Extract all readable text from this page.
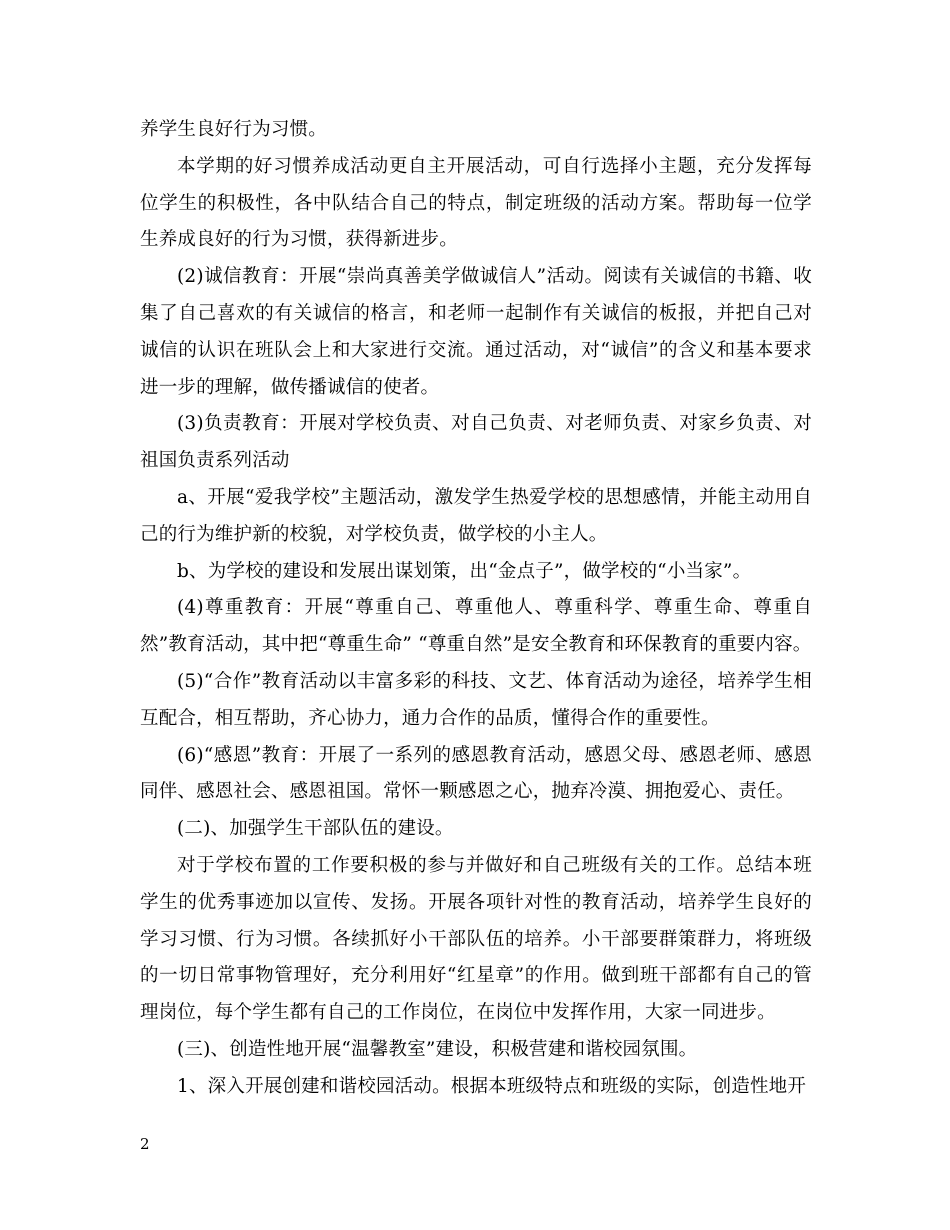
养学生良好行为习惯。

本学期的好习惯养成活动更自主开展活动，可自行选择小主题，充分发挥每位学生的积极性，各中队结合自己的特点，制定班级的活动方案。帮助每一位学生养成良好的行为习惯，获得新进步。

(2)诚信教育：开展“崇尚真善美学做诚信人”活动。阅读有关诚信的书籍、收集了自己喜欢的有关诚信的格言，和老师一起制作有关诚信的板报，并把自己对诚信的认识在班队会上和大家进行交流。通过活动，对“诚信”的含义和基本要求进一步的理解，做传播诚信的使者。

(3)负责教育：开展对学校负责、对自己负责、对老师负责、对家乡负责、对祖国负责系列活动

a、开展“爱我学校”主题活动，激发学生热爱学校的思想感情，并能主动用自己的行为维护新的校貌，对学校负责，做学校的小主人。

b、为学校的建设和发展出谋划策，出“金点子”，做学校的“小当家”。

(4)尊重教育：开展“尊重自己、尊重他人、尊重科学、尊重生命、尊重自然”教育活动，其中把“尊重生命” “尊重自然”是安全教育和环保教育的重要内容。

(5)“合作”教育活动以丰富多彩的科技、文艺、体育活动为途径，培养学生相互配合，相互帮助，齐心协力，通力合作的品质，懂得合作的重要性。

(6)“感恩”教育：开展了一系列的感恩教育活动，感恩父母、感恩老师、感恩同伴、感恩社会、感恩祖国。常怀一颗感恩之心，抛弃冷漠、拥抱爱心、责任。

(二)、加强学生干部队伍的建设。

对于学校布置的工作要积极的参与并做好和自己班级有关的工作。总结本班学生的优秀事迹加以宣传、发扬。开展各项针对性的教育活动，培养学生良好的学习习惯、行为习惯。各续抓好小干部队伍的培养。小干部要群策群力，将班级的一切日常事物管理好，充分利用好“红星章”的作用。做到班干部都有自己的管理岗位，每个学生都有自己的工作岗位，在岗位中发挥作用，大家一同进步。

(三)、创造性地开展“温馨教室”建设，积极营建和谐校园氛围。

1、深入开展创建和谐校园活动。根据本班级特点和班级的实际，创造性地开

2
